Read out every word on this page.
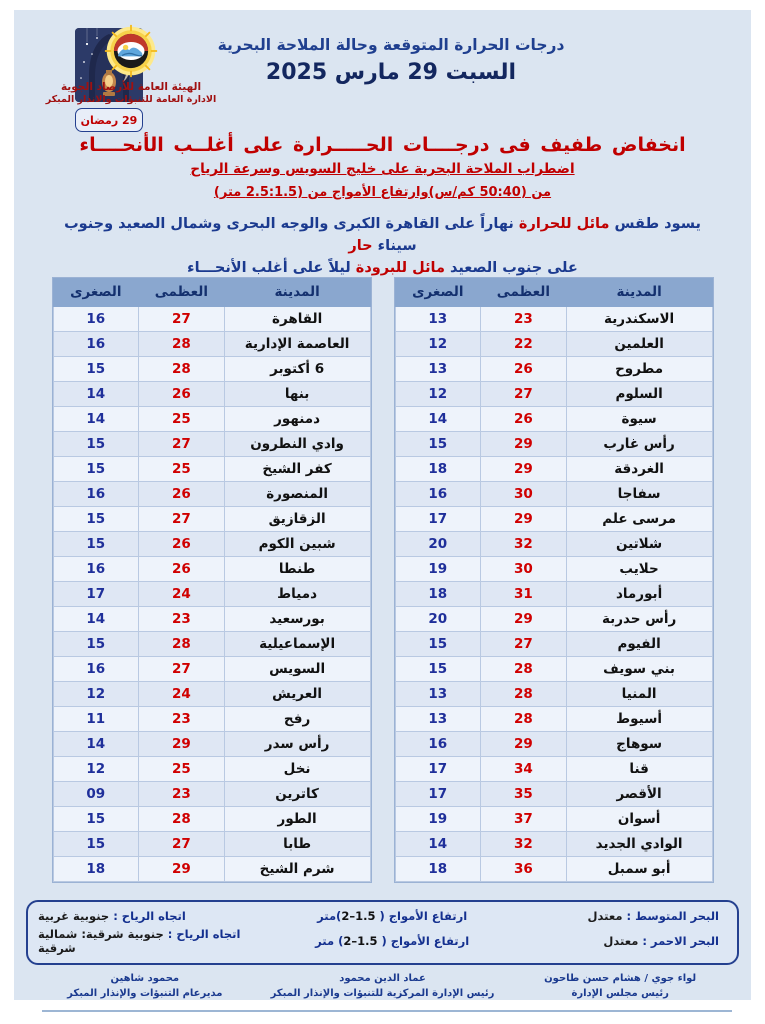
29 رمضان
درجات الحرارة المتوقعة وحالة الملاحة البحرية
السبت 29 مارس 2025
الهيئة العامة للأرصاد الجوية
الادارة العامة للتنبؤات والانذار المبكر
انخفاض طفيف فى درجــــات الحـــــرارة على أغلــب الأنحــــاء
اضطراب الملاحة البحرية على خليج السويس وسرعة الرياح
من (50:40 كم/س)وارتفاع الأمواج من (2.5:1.5 متر)
يسود طقس مائل للحرارة نهاراً على القاهرة الكبرى والوجه البحرى وشمال الصعيد وجنوب سيناء حار
على جنوب الصعيد مائل للبرودة ليلاً على أغلب الأنحـــاء
المدينة	العظمى	الصغرى
القاهرة	27	16
العاصمة الإدارية	28	16
6 أكتوبر	28	15
بنها	26	14
دمنهور	25	14
وادي النطرون	27	15
كفر الشيخ	25	15
المنصورة	26	16
الزقازيق	27	15
شبين الكوم	26	15
طنطا	26	16
دمياط	24	17
بورسعيد	23	14
الإسماعيلية	28	15
السويس	27	16
العريش	24	12
رفح	23	11
رأس سدر	29	14
نخل	25	12
كاترين	23	09
الطور	28	15
طابا	27	15
شرم الشيخ	29	18
المدينة	العظمى	الصغرى
الاسكندرية	23	13
العلمين	22	12
مطروح	26	13
السلوم	27	12
سيوة	26	14
رأس غارب	29	15
الغردقة	29	18
سفاجا	30	16
مرسى علم	29	17
شلاتين	32	20
حلايب	30	19
أبورماد	31	18
رأس حدربة	29	20
الفيوم	27	15
بني سويف	28	15
المنيا	28	13
أسيوط	28	13
سوهاج	29	16
قنا	34	17
الأقصر	35	17
أسوان	37	19
الوادي الجديد	32	14
أبو سمبل	36	18
البحر المتوسط : معتدل
ارتفاع الأمواج ( 1.5–2)متر
اتجاه الرياح : جنوبية غربية
البحر الاحمر : معتدل
ارتفاع الأمواج ( 1.5–2) متر
اتجاه الرياح : جنوبية شرقية: شمالية شرقية
لواء جوي / هشام حسن طاحون
رئيس مجلس الإدارة
عماد الدين محمود
رئيس الإدارة المركزية للتنبؤات والإنذار المبكر
محمود شاهين
مديرعام التنبؤات والإنذار المبكر
